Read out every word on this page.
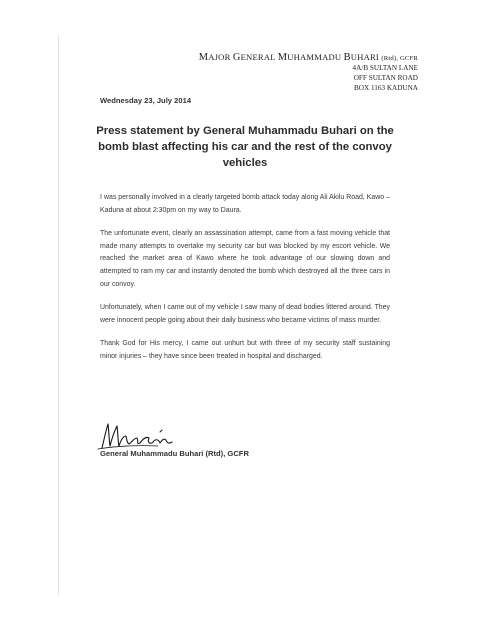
MAJOR GENERAL MUHAMMADU BUHARI (Rtd), GCFR
4A/B SULTAN LANE
OFF SULTAN ROAD
BOX 1163 KADUNA
Wednesday 23, July 2014
Press statement by General Muhammadu Buhari on the bomb blast affecting his car and the rest of the convoy vehicles

I was personally involved in a clearly targeted bomb attack today along Ali Akilu Road, Kawo – Kaduna at about 2:30pm on my way to Daura.

The unfortunate event, clearly an assassination attempt, came from a fast moving vehicle that made many attempts to overtake my security car but was blocked by my escort vehicle. We reached the market area of Kawo where he took advantage of our slowing down and attempted to ram my car and instantly denoted the bomb which destroyed all the three cars in our convoy.

Unfortunately, when I came out of my vehicle I saw many of dead bodies littered around. They were innocent people going about their daily business who became victims of mass murder.

Thank God for His mercy, I came out unhurt but with three of my security staff sustaining minor injuries – they have since been treated in hospital and discharged.

General Muhammadu Buhari (Rtd), GCFR
